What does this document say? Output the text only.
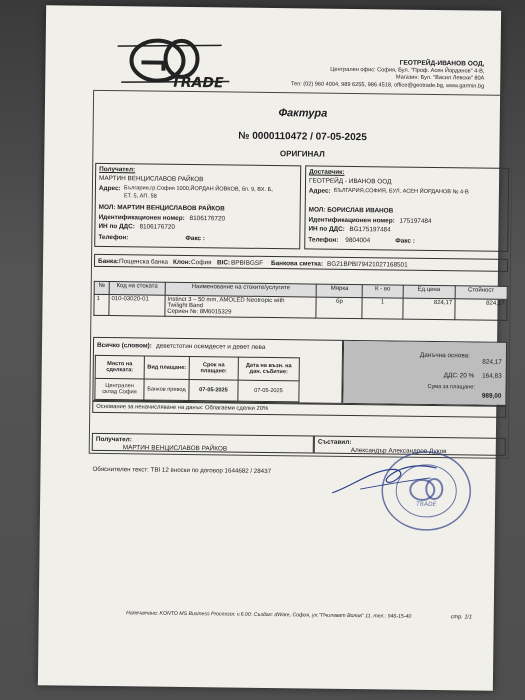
TRADE
ГЕОТРЕЙД-ИВАНОВ ООД,
Централен офис: София, Бул. "Проф. Асен Йорданов" 4-В,
Магазин: Бул. "Васил Левски" 80А
Тел: (02) 960 4004, 989 6255, 986 4518, office@geotrade.bg, www.garmin.bg
Фактура
№ 0000110472 / 07-05-2025
ОРИГИНАЛ
Получател:
МАРТИН ВЕНЦИСЛАВОВ РАЙКОВ
Адрес: България,гр.София 1000,ЙОРДАН ЙОВКОВ, бл. 9, ВХ. Б,
ЕТ. 5, АП. 58
МОЛ: МАРТИН ВЕНЦИСЛАВОВ РАЙКОВ
Идентификационен номер: 8106176720
ИН по ДДС: 8106176720
Телефон:	Факс :
Доставчик:
ГЕОТРЕЙД - ИВАНОВ ООД
Адрес: БЪЛГАРИЯ,СОФИЯ, БУЛ. АСЕН ЙОРДАНОВ № 4-В
МОЛ: БОРИСЛАВ ИВАНОВ
Идентификационен номер: 175197484
ИН по ДДС: BG175197484
Телефон: 9804004	Факс :
Банка: Пощенска банка Клон: София BIC: BPBIBGSF Банкова сметка: BG21BPBI79421027168501
№	Код на стоката	Наименование на стоките/услугите	Мярка	К - во	Ед.цена	Стойност
1	010-03020-01	Instinct 3 – 50 mm, AMOLED Neotropic with
Twilight Band
Сериен №: 8M6015329	бр	1	824,17	824,17
Всичко (словом): деветстотин осемдесет и девет лева
Място на сделката:	Вид плащане:	Срок на плащане:	Дата на възн. на дан. събитие:
Централен склад София	Банков превод	07-05-2025	07-05-2025
Данъчна основа:
824,17
ДДС: 20 % 164,83
Сума за плащане:
989,00
Основание за неначисляване на данък: Облагаеми сделки 20%
Получател:
МАРТИН ВЕНЦИСЛАВОВ РАЙКОВ
Съставил:
Александър Александров Дуков
Обяснителен текст: TBI 12 вноски по договор 1644682 / 28437
TRADE
Напечатано: KONTO MS Business Processor, v.6.00; Създал: dWare, София, ул."Пчилават Волов" 11, тел.: 946-15-40	стр. 1/1
